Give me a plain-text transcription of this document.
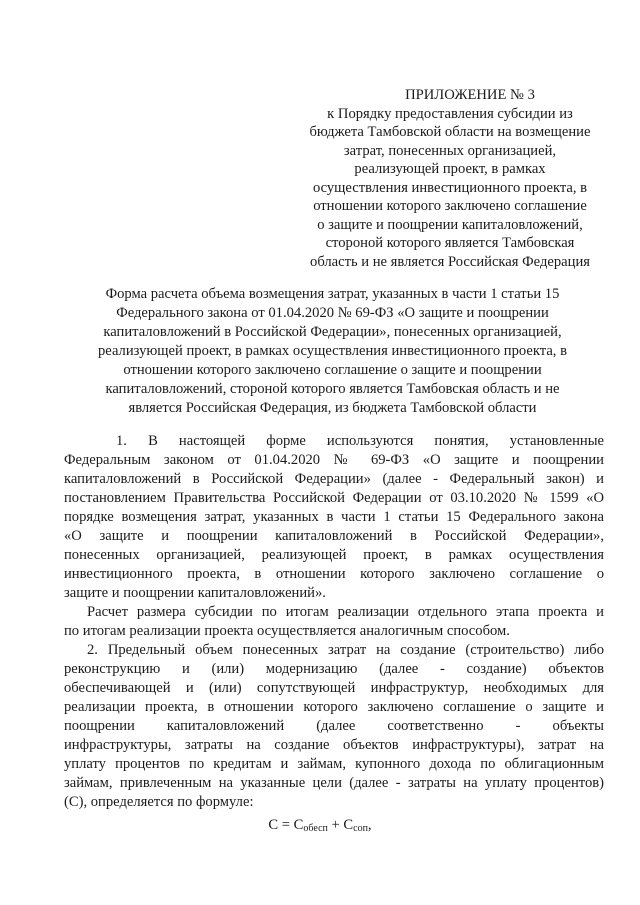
ПРИЛОЖЕНИЕ № 3
к Порядку предоставления субсидии из
бюджета Тамбовской области на возмещение
затрат, понесенных организацией,
реализующей проект, в рамках
осуществления инвестиционного проекта, в
отношении которого заключено соглашение
о защите и поощрении капиталовложений,
стороной которого является Тамбовская
область и не является Российская Федерация
Форма расчета объема возмещения затрат, указанных в части 1 статьи 15
Федерального закона от 01.04.2020 № 69-ФЗ «О защите и поощрении
капиталовложений в Российской Федерации», понесенных организацией,
реализующей проект, в рамках осуществления инвестиционного проекта, в
отношении которого заключено соглашение о защите и поощрении
капиталовложений, стороной которого является Тамбовская область и не
является Российская Федерация, из бюджета Тамбовской области
1. В настоящей форме используются понятия, установленные
Федеральным законом от 01.04.2020 № 69-ФЗ «О защите и поощрении
капиталовложений в Российской Федерации» (далее - Федеральный закон) и
постановлением Правительства Российской Федерации от 03.10.2020 № 1599 «О
порядке возмещения затрат, указанных в части 1 статьи 15 Федерального закона
«О защите и поощрении капиталовложений в Российской Федерации»,
понесенных организацией, реализующей проект, в рамках осуществления
инвестиционного проекта, в отношении которого заключено соглашение о
защите и поощрении капиталовложений».
Расчет размера субсидии по итогам реализации отдельного этапа проекта и
по итогам реализации проекта осуществляется аналогичным способом.
2. Предельный объем понесенных затрат на создание (строительство) либо
реконструкцию и (или) модернизацию (далее - создание) объектов
обеспечивающей и (или) сопутствующей инфраструктур, необходимых для
реализации проекта, в отношении которого заключено соглашение о защите и
поощрении капиталовложений (далее соответственно - объекты
инфраструктуры, затраты на создание объектов инфраструктуры), затрат на
уплату процентов по кредитам и займам, купонного дохода по облигационным
займам, привлеченным на указанные цели (далее - затраты на уплату процентов)
(С), определяется по формуле:
$С = С_{обесп} + С_{соп}$,
